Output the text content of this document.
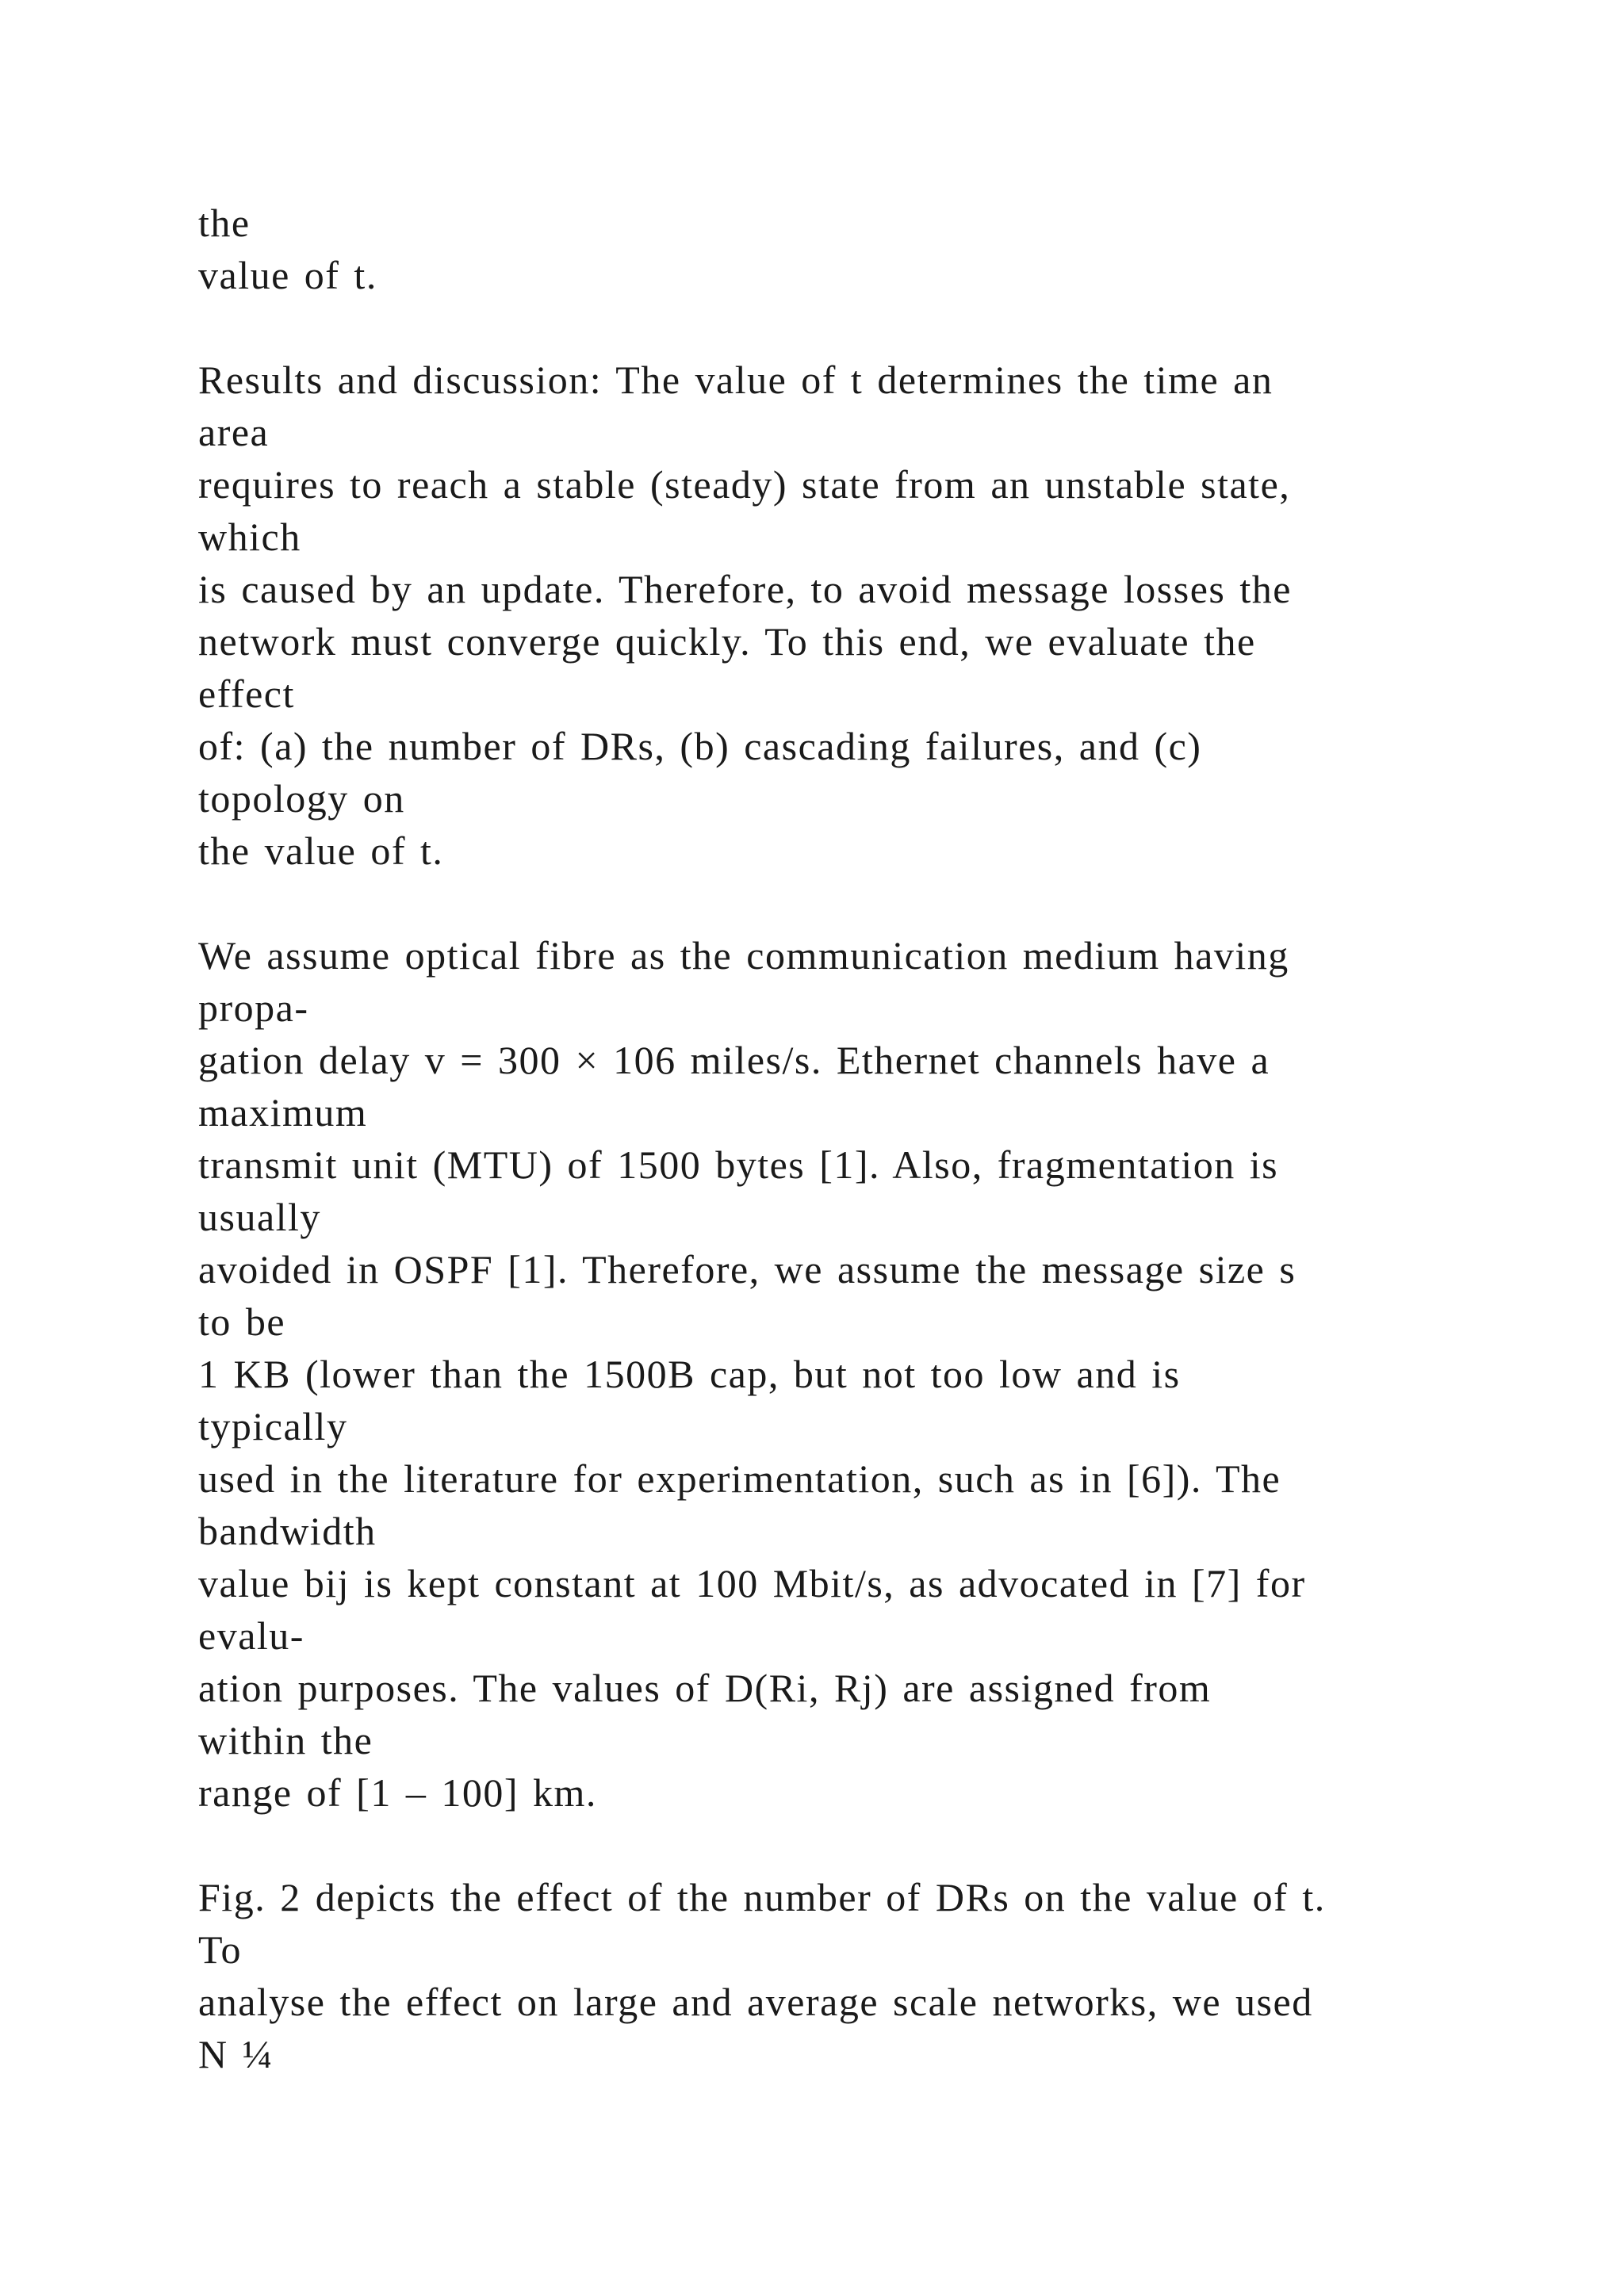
the
value of t.
Results and discussion: The value of t determines the time an
area
requires to reach a stable (steady) state from an unstable state,
which
is caused by an update. Therefore, to avoid message losses the
network must converge quickly. To this end, we evaluate the
effect
of: (a) the number of DRs, (b) cascading failures, and (c)
topology on
the value of t.
We assume optical fibre as the communication medium having
propa-
gation delay v = 300 × 106 miles/s. Ethernet channels have a
maximum
transmit unit (MTU) of 1500 bytes [1]. Also, fragmentation is
usually
avoided in OSPF [1]. Therefore, we assume the message size s
to be
1 KB (lower than the 1500B cap, but not too low and is
typically
used in the literature for experimentation, such as in [6]). The
bandwidth
value bij is kept constant at 100 Mbit/s, as advocated in [7] for
evalu-
ation purposes. The values of D(Ri, Rj) are assigned from
within the
range of [1 – 100] km.
Fig. 2 depicts the effect of the number of DRs on the value of t.
To
analyse the effect on large and average scale networks, we used
N ¼
